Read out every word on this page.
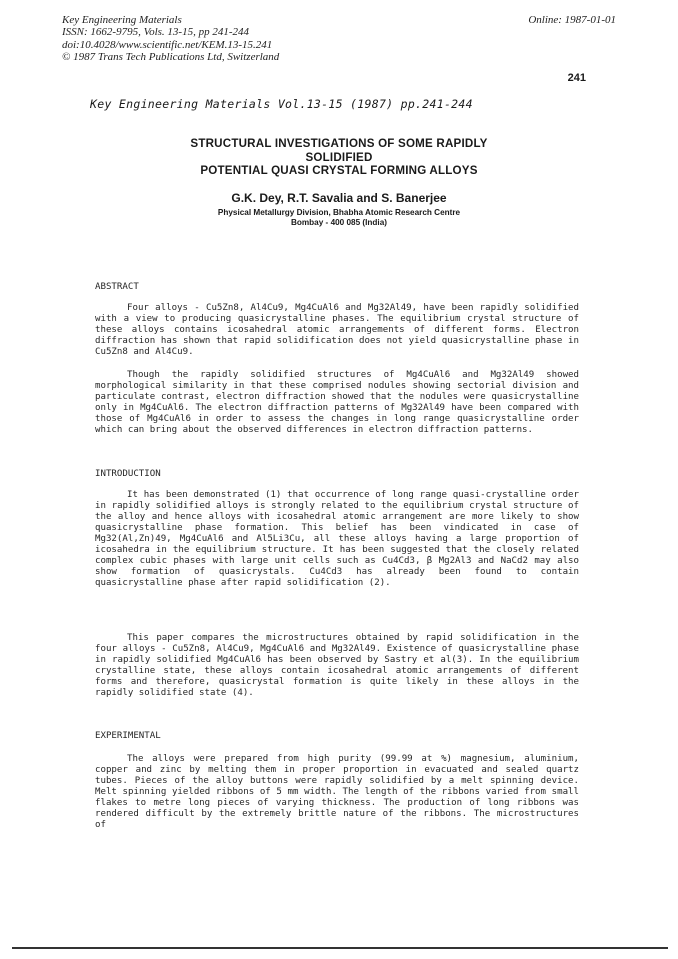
Key Engineering Materials
ISSN: 1662-9795, Vols. 13-15, pp 241-244
doi:10.4028/www.scientific.net/KEM.13-15.241
© 1987 Trans Tech Publications Ltd, Switzerland
Online: 1987-01-01
241
Key Engineering Materials Vol.13-15 (1987) pp.241-244
STRUCTURAL INVESTIGATIONS OF SOME RAPIDLY
SOLIDIFIED
POTENTIAL QUASI CRYSTAL FORMING ALLOYS
G.K. Dey, R.T. Savalia and S. Banerjee
Physical Metallurgy Division, Bhabha Atomic Research Centre
Bombay - 400 085 (India)
ABSTRACT

Four alloys - Cu5Zn8, Al4Cu9, Mg4CuAl6 and Mg32Al49, have been rapidly solidified with a view to producing quasicrystalline phases. The equilibrium crystal structure of these alloys contains icosahedral atomic arrangements of different forms. Electron diffraction has shown that rapid solidification does not yield quasicrystalline phase in Cu5Zn8 and Al4Cu9.

Though the rapidly solidified structures of Mg4CuAl6 and Mg32Al49 showed morphological similarity in that these comprised nodules showing sectorial division and particulate contrast, electron diffraction showed that the nodules were quasicrystalline only in Mg4CuAl6. The electron diffraction patterns of Mg32Al49 have been compared with those of Mg4CuAl6 in order to assess the changes in long range quasicrystalline order which can bring about the observed differences in electron diffraction patterns.

INTRODUCTION

It has been demonstrated (1) that occurrence of long range quasi-crystalline order in rapidly solidified alloys is strongly related to the equilibrium crystal structure of the alloy and hence alloys with icosahedral atomic arrangement are more likely to show quasicrystalline phase formation. This belief has been vindicated in case of Mg32(Al,Zn)49, Mg4CuAl6 and Al5Li3Cu, all these alloys having a large proportion of icosahedra in the equilibrium structure. It has been suggested that the closely related complex cubic phases with large unit cells such as Cu4Cd3, β Mg2Al3 and NaCd2 may also show formation of quasicrystals. Cu4Cd3 has already been found to contain quasicrystalline phase after rapid solidification (2).

This paper compares the microstructures obtained by rapid solidification in the four alloys - Cu5Zn8, Al4Cu9, Mg4CuAl6 and Mg32Al49. Existence of quasicrystalline phase in rapidly solidified Mg4CuAl6 has been observed by Sastry et al(3). In the equilibrium crystalline state, these alloys contain icosahedral atomic arrangements of different forms and therefore, quasicrystal formation is quite likely in these alloys in the rapidly solidified state (4).

EXPERIMENTAL

The alloys were prepared from high purity (99.99 at %) magnesium, aluminium, copper and zinc by melting them in proper proportion in evacuated and sealed quartz tubes. Pieces of the alloy buttons were rapidly solidified by a melt spinning device. Melt spinning yielded ribbons of 5 mm width. The length of the ribbons varied from small flakes to metre long pieces of varying thickness. The production of long ribbons was rendered difficult by the extremely brittle nature of the ribbons. The microstructures of
